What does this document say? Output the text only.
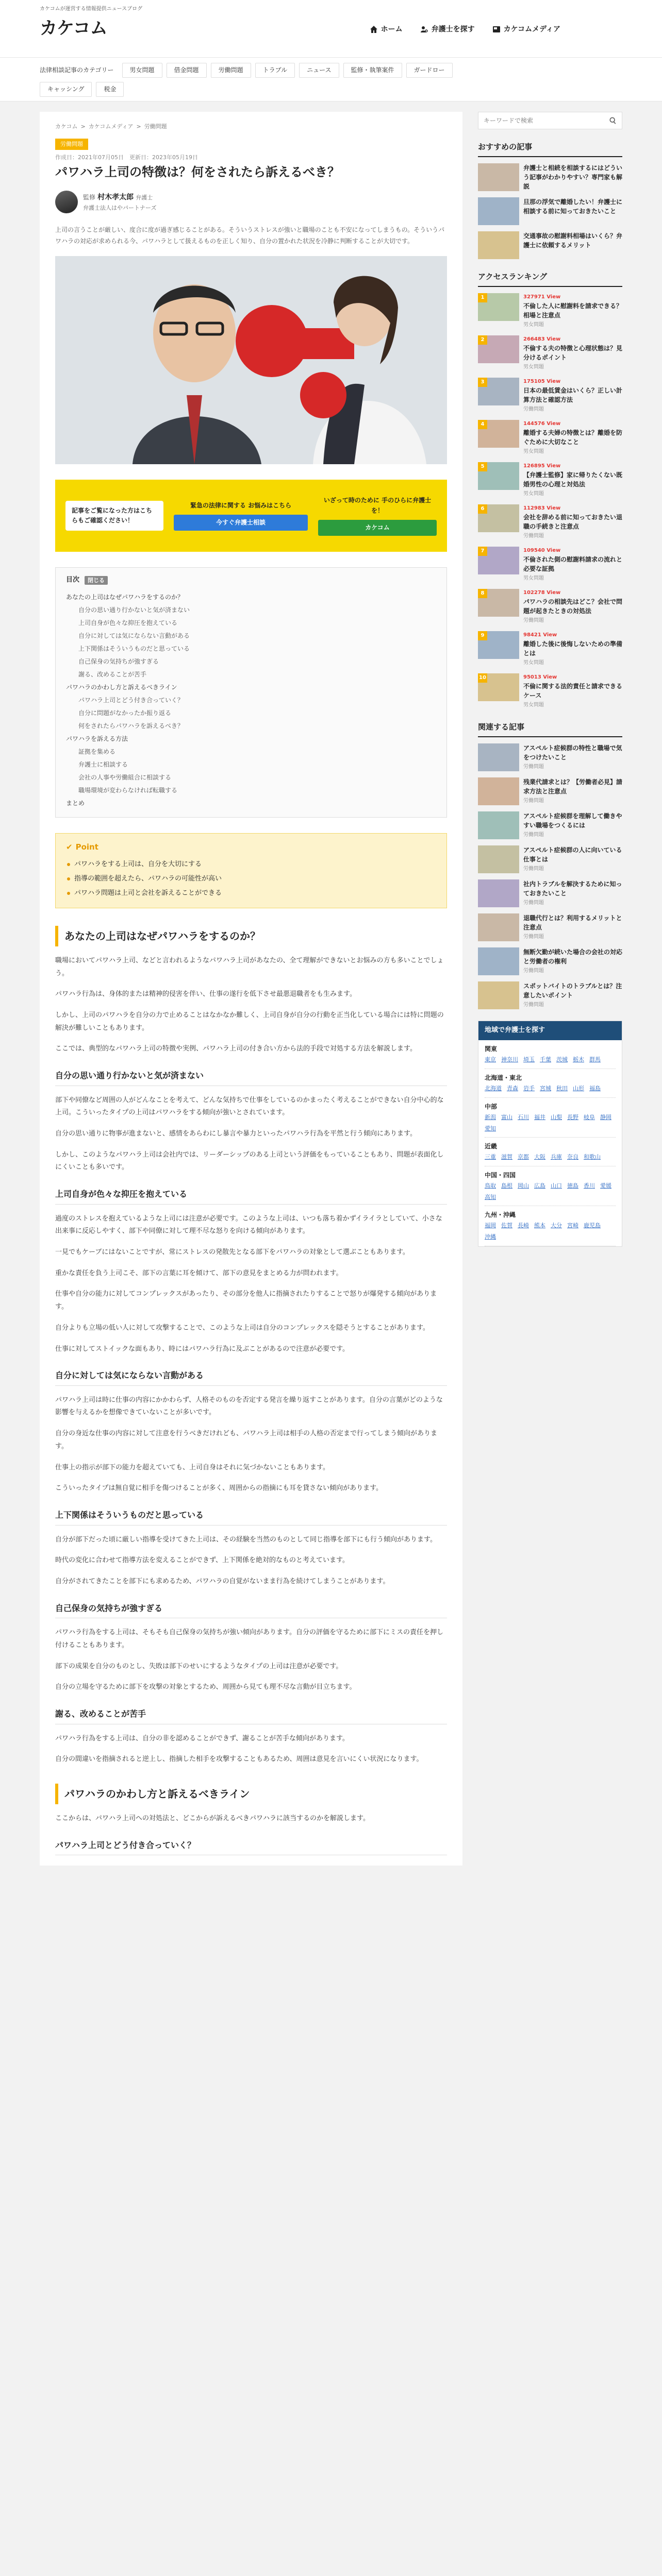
カケコムが運営する情報提供ニュースブログ
カケコム	ホーム	弁護士を探す	カケコムメディア
法律相談記事のカテゴリー	男女問題	借金問題	労働問題	トラブル	ニュース	監修・執筆案件	ガードロー
キャッシング	税金
カケコム > カケコムメディア > 労働問題
労働問題
作成日：2021年07月05日　更新日：2023年05月19日
パワハラ上司の特徴は？何をされたら訴えるべき？
監修 村木孝太郎 弁護士
弁護士法人はやパートナーズ

上司の言うことが厳しい、度合に度が過ぎ感じることがある。そういうストレスが強いと職場のことも不安になってしまうもの。そういうパワハラの対応が求められる今、パワハラとして扱えるものを正しく知り、自分の置かれた状況を冷静に判断することが大切です。

記事をご覧になった方はこちらもご確認ください！
緊急の法律に関する お悩みはこちら
今すぐ弁護士相談
いざって時のために 手のひらに弁護士を！
カケコム
目次	閉じる
あなたの上司はなぜパワハラをするのか？
自分の思い通り行かないと気が済まない
上司自身が色々な抑圧を抱えている
自分に対しては気にならない言動がある
上下関係はそういうものだと思っている
自己保身の気持ちが強すぎる
謝る、改めることが苦手
パワハラのかわし方と訴えるべきライン
パワハラ上司とどう付き合っていく？
自分に問題がなかったか振り返る
何をされたらパワハラを訴えるべき？
パワハラを訴える方法
証拠を集める
弁護士に相談する
会社の人事や労働組合に相談する
職場環境が変わらなければ転職する
まとめ
✔ Point
パワハラをする上司は、自分を大切にする
指導の範囲を超えたら、パワハラの可能性が高い
パワハラ問題は上司と会社を訴えることができる
あなたの上司はなぜパワハラをするのか？

職場においてパワハラ上司、などと言われるようなパワハラ上司があなたの、全て理解ができないとお悩みの方も多いことでしょう。

パワハラ行為は、身体的または精神的侵害を伴い、仕事の遂行を低下させ最悪退職者をも生みます。

しかし、上司のパワハラを自分の力で止めることはなかなか難しく、上司自身が自分の行動を正当化している場合には特に問題の解決が難しいこともあります。

ここでは、典型的なパワハラ上司の特徴や実例、パワハラ上司の付き合い方から法的手段で対処する方法を解説します。

自分の思い通り行かないと気が済まない

部下や同僚など周囲の人がどんなことを考えて、どんな気持ちで仕事をしているのかまったく考えることができない自分中心的な上司。こういったタイプの上司はパワハラをする傾向が強いとされています。

自分の思い通りに物事が進まないと、感情をあらわにし暴言や暴力といったパワハラ行為を平然と行う傾向にあります。

しかし、このようなパワハラ上司は会社内では、リーダーシップのある上司という評価をもっていることもあり、問題が表面化しにくいことも多いです。

上司自身が色々な抑圧を抱えている

過度のストレスを抱えているような上司には注意が必要です。このような上司は、いつも落ち着かずイライラとしていて、小さな出来事に反応しやすく、部下や同僚に対して理不尽な怒りを向ける傾向があります。

一見でもケーブにはないことですが、常にストレスの発散先となる部下をパワハラの対象として選ぶこともあります。

重かな責任を負う上司こそ、部下の言葉に耳を傾けて、部下の意見をまとめる力が問われます。

仕事や自分の能力に対してコンプレックスがあったり、その部分を他人に指摘されたりすることで怒りが爆発する傾向があります。

自分よりも立場の低い人に対して攻撃することで、このような上司は自分のコンプレックスを隠そうとすることがあります。

仕事に対してストイックな面もあり、時にはパワハラ行為に及ぶことがあるので注意が必要です。

自分に対しては気にならない言動がある

パワハラ上司は時に仕事の内容にかかわらず、人格そのものを否定する発言を繰り返すことがあります。自分の言葉がどのような影響を与えるかを想像できていないことが多いです。

自分の身近な仕事の内容に対して注意を行うべきだけれども、パワハラ上司は相手の人格の否定まで行ってしまう傾向があります。

仕事上の指示が部下の能力を超えていても、上司自身はそれに気づかないこともあります。

こういったタイプは無自覚に相手を傷つけることが多く、周囲からの指摘にも耳を貸さない傾向があります。

上下関係はそういうものだと思っている

自分が部下だった頃に厳しい指導を受けてきた上司は、その経験を当然のものとして同じ指導を部下にも行う傾向があります。

時代の変化に合わせて指導方法を変えることができず、上下関係を絶対的なものと考えています。

自分がされてきたことを部下にも求めるため、パワハラの自覚がないまま行為を続けてしまうことがあります。

自己保身の気持ちが強すぎる

パワハラ行為をする上司は、そもそも自己保身の気持ちが強い傾向があります。自分の評価を守るために部下にミスの責任を押し付けることもあります。

部下の成果を自分のものとし、失敗は部下のせいにするようなタイプの上司は注意が必要です。

自分の立場を守るために部下を攻撃の対象とするため、周囲から見ても理不尽な言動が目立ちます。

謝る、改めることが苦手

パワハラ行為をする上司は、自分の非を認めることができず、謝ることが苦手な傾向があります。

自分の間違いを指摘されると逆上し、指摘した相手を攻撃することもあるため、周囲は意見を言いにくい状況になります。

パワハラのかわし方と訴えるべきライン

ここからは、パワハラ上司への対処法と、どこからが訴えるべきパワハラに該当するのかを解説します。

パワハラ上司とどう付き合っていく？
キーワードで検索
おすすめの記事
弁護士と相続を相談するにはどういう記事がわかりやすい？専門家も解説
旦那の浮気で離婚したい！弁護士に相談する前に知っておきたいこと
交通事故の慰謝料相場はいくら？弁護士に依頼するメリット
アクセスランキング
1	327971 View
不倫した人に慰謝料を請求できる？相場と注意点
男女問題
2	266483 View
不倫する夫の特徴と心理状態は？見分けるポイント
男女問題
3	175105 View
日本の最低賃金はいくら？正しい計算方法と確認方法
労働問題
4	144576 View
離婚する夫婦の特徴とは？離婚を防ぐために大切なこと
男女問題
5	126895 View
【弁護士監修】家に帰りたくない既婚男性の心理と対処法
男女問題
6	112983 View
会社を辞める前に知っておきたい退職の手続きと注意点
労働問題
7	109540 View
不倫された側の慰謝料請求の流れと必要な証拠
男女問題
8	102278 View
パワハラの相談先はどこ？会社で問題が起きたときの対処法
労働問題
9	98421 View
離婚した後に後悔しないための準備とは
男女問題
10	95013 View
不倫に関する法的責任と請求できるケース
男女問題
関連する記事
アスペルト症候群の特性と職場で気をつけたいこと
労働問題
残業代請求とは？【労働者必見】請求方法と注意点
労働問題
アスペルト症候群を理解して働きやすい職場をつくるには
労働問題
アスペルト症候群の人に向いている仕事とは
労働問題
社内トラブルを解決するために知っておきたいこと
労働問題
退職代行とは？利用するメリットと注意点
労働問題
無断欠勤が続いた場合の会社の対応と労働者の権利
労働問題
スポットバイトのトラブルとは？注意したいポイント
労働問題
地域で弁護士を探す
関東
東京 神奈川 埼玉 千葉 茨城 栃木 群馬
北海道・東北
北海道 青森 岩手 宮城 秋田 山形 福島
中部
新潟 富山 石川 福井 山梨 長野 岐阜 静岡
愛知
近畿
三重 滋賀 京都 大阪 兵庫 奈良 和歌山
中国・四国
鳥取 島根 岡山 広島 山口 徳島 香川 愛媛
高知
九州・沖縄
福岡 佐賀 長崎 熊本 大分 宮崎 鹿児島
沖縄
